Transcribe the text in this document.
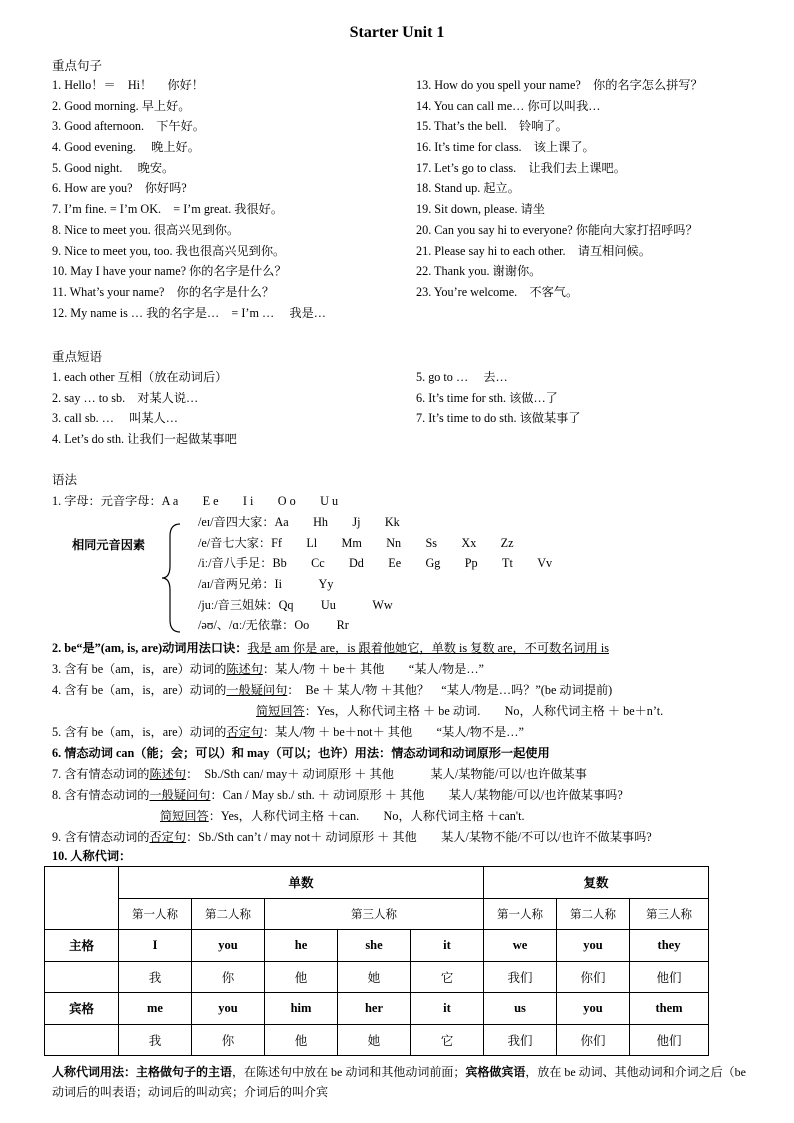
Starter Unit 1
重点句子
1. Hello！＝　Hi！　 你好！
2. Good morning. 早上好。
3. Good afternoon.　下午好。
4. Good evening.　 晚上好。
5. Good night.　 晚安。
6. How are you?　你好吗?
7. I’m fine. = I’m OK.　= I’m great. 我很好。
8. Nice to meet you. 很高兴见到你。
9. Nice to meet you, too. 我也很高兴见到你。
10. May I have your name? 你的名字是什么？
11. What’s your name?　你的名字是什么？
12. My name is … 我的名字是…　= I’m …　 我是…
13. How do you spell your name?　你的名字怎么拼写？
14. You can call me… 你可以叫我…
15. That’s the bell.　铃响了。
16. It’s time for class.　该上课了。
17. Let’s go to class.　让我们去上课吧。
18. Stand up. 起立。
19. Sit down, please. 请坐
20. Can you say hi to everyone? 你能向大家打招呼吗？
21. Please say hi to each other.　请互相问候。
22. Thank you. 谢谢你。
23. You’re welcome.　不客气。
重点短语
1. each other 互相（放在动词后）
2. say … to sb.　对某人说…
3. call sb. …　 叫某人…
4. Let’s do sth. 让我们一起做某事吧
5. go to …　 去…
6. It’s time for sth. 该做…了
7. It’s time to do sth. 该做某事了
语法
1. 字母：元音字母：A a　　E e　　I i　　O o　　U u
相同元音因素
/eɪ/音四大家：Aa　　Hh　　Jj　　Kk
/e/音七大家：Ff　　Ll　　Mm　　Nn　　Ss　　Xx　　Zz
/iː/音八手足：Bb　　Cc　　Dd　　Ee　　Gg　　Pp　　Tt　　Vv
/aɪ/音两兄弟：Ii　　　Yy
/juː/音三姐妹：Qq　　 Uu　　　Ww
/əʊ/、/ɑː/无依靠：Oo　　 Rr
2. be“是”(am, is, are)动词用法口诀：我是 am 你是 are，is 跟着他她它，单数 is 复数 are，不可数名词用 is
3. 含有 be（am，is，are）动词的陈述句：某人/物 ＋ be＋ 其他　　“某人/物是…”
4. 含有 be（am，is，are）动词的一般疑问句：　Be ＋ 某人/物 ＋其他？　“某人/物是…吗？”(be 动词提前)
简短回答：Yes，人称代词主格 ＋ be 动词.　　No，人称代词主格 ＋ be＋n’t.
5. 含有 be（am，is，are）动词的否定句：某人/物 ＋ be＋not＋ 其他　　“某人/物不是…”
6. 情态动词 can（能；会；可以）和 may（可以；也许）用法：情态动词和动词原形一起使用
7. 含有情态动词的陈述句：　Sb./Sth can/ may＋ 动词原形 ＋ 其他　　　某人/某物能/可以/也许做某事
8. 含有情态动词的一般疑问句：Can / May sb./ sth. ＋ 动词原形 ＋ 其他　　某人/某物能/可以/也许做某事吗?
简短回答：Yes，人称代词主格 ＋can.　　No，人称代词主格 ＋can't.
9. 含有情态动词的否定句：Sb./Sth can’t / may not＋ 动词原形 ＋ 其他　　某人/某物不能/不可以/也许不做某事吗?
10. 人称代词：
	单数					复数		
	第一人称	第二人称	第三人称			第一人称	第二人称	第三人称
主格	I	you	he	she	it	we	you	they
	我	你	他	她	它	我们	你们	他们
宾格	me	you	him	her	it	us	you	them
	我	你	他	她	它	我们	你们	他们
人称代词用法：主格做句子的主语，在陈述句中放在 be 动词和其他动词前面；宾格做宾语，放在 be 动词、其他动词和介词之后（be 动词后的叫表语；动词后的叫动宾；介词后的叫介宾
